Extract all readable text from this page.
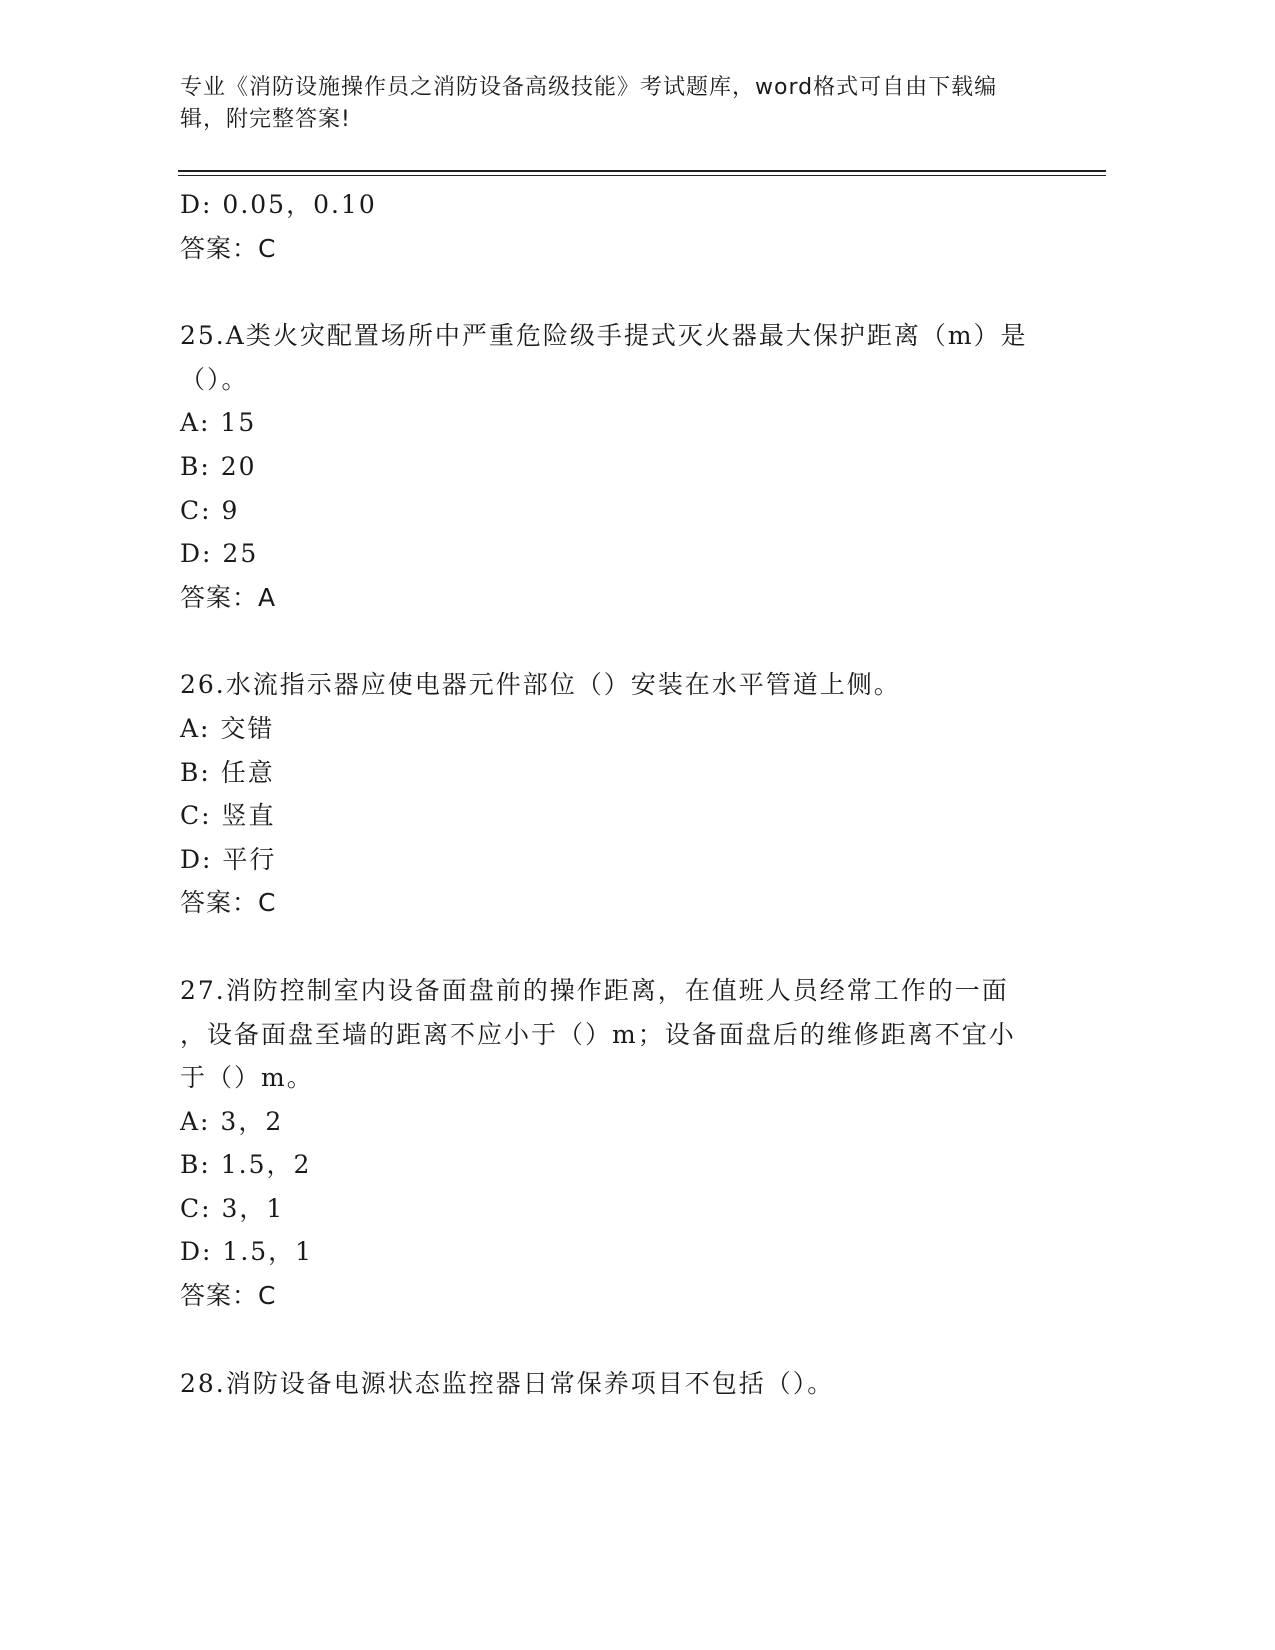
专业《消防设施操作员之消防设备高级技能》考试题库，word格式可自由下载编
辑，附完整答案!
D: 0.05，0.10
答案：C
25.A类火灾配置场所中严重危险级手提式灭火器最大保护距离（m）是
（）。
A: 15
B: 20
C: 9
D: 25
答案：A
26.水流指示器应使电器元件部位（）安装在水平管道上侧。
A: 交错
B: 任意
C: 竖直
D: 平行
答案：C
27.消防控制室内设备面盘前的操作距离，在值班人员经常工作的一面
，设备面盘至墙的距离不应小于（）m；设备面盘后的维修距离不宜小
于（）m。
A: 3，2
B: 1.5，2
C: 3，1
D: 1.5，1
答案：C
28.消防设备电源状态监控器日常保养项目不包括（）。
